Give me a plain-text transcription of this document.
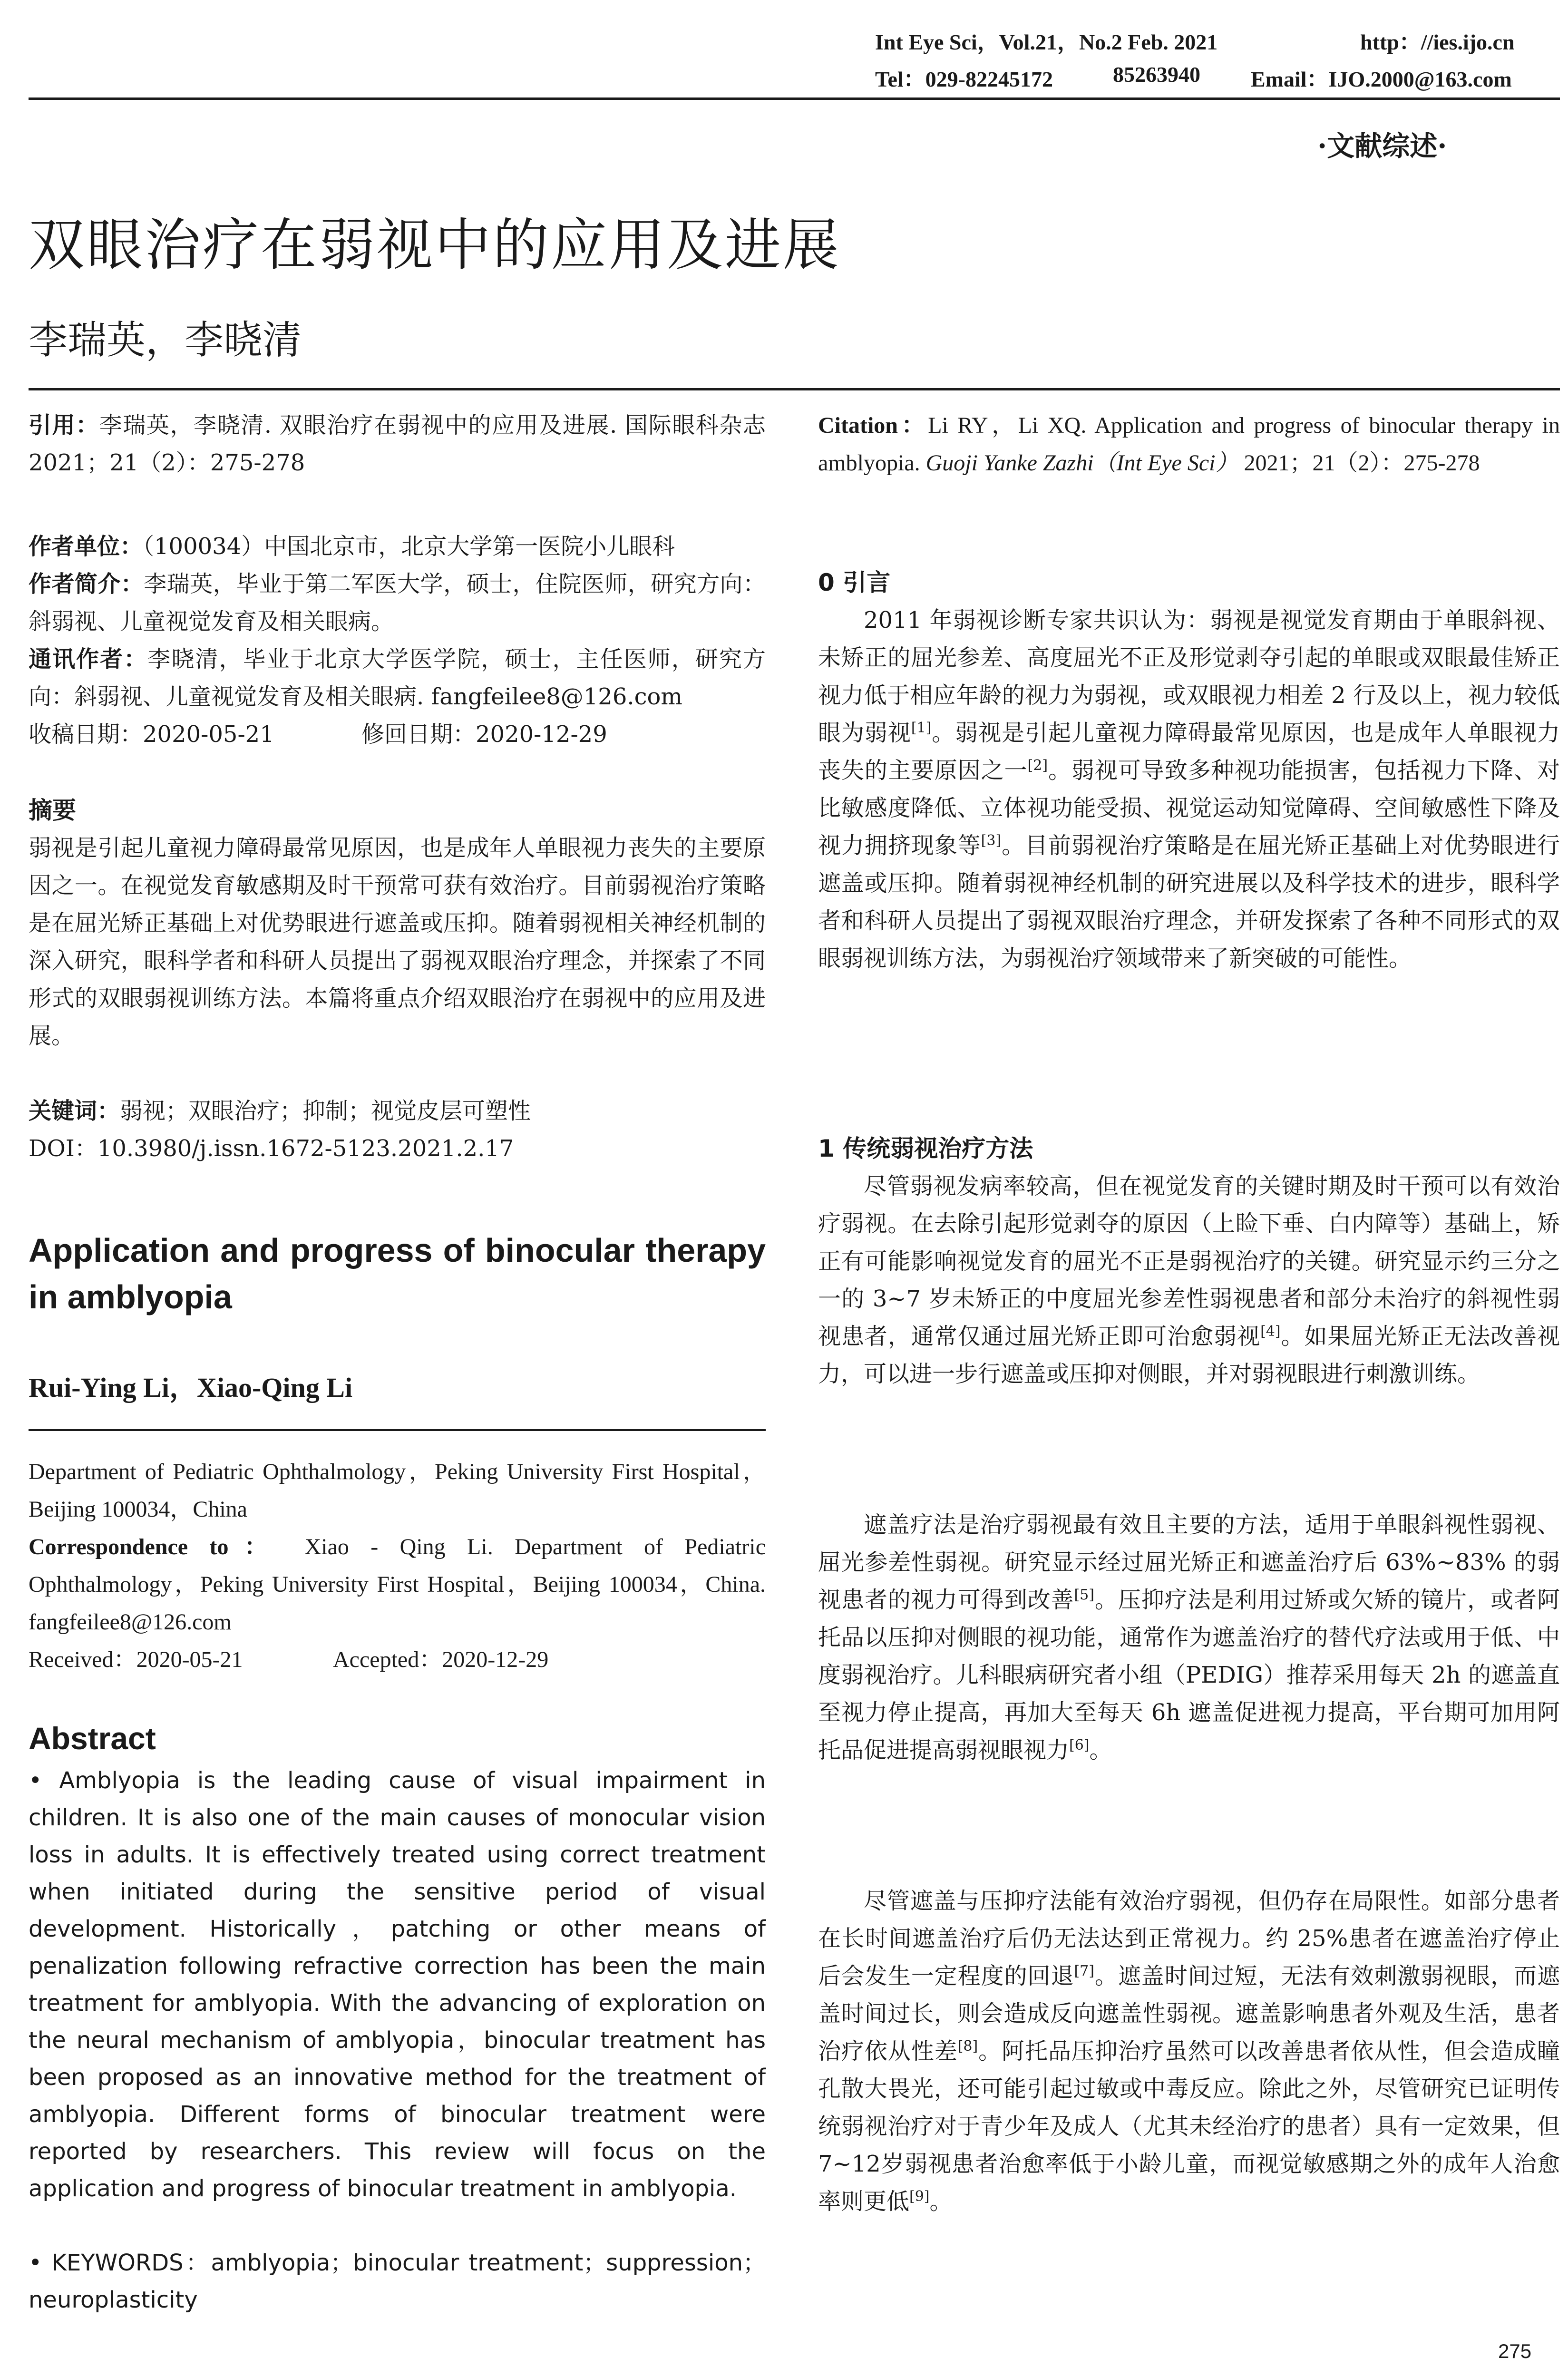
Int Eye Sci，Vol.21，No.2 Feb. 2021	http：//ies.ijo.cn
Tel：029-82245172	85263940 Email：IJO.2000@163.com
·文献综述·
双眼治疗在弱视中的应用及进展
李瑞英，李晓清

引用：李瑞英，李晓清. 双眼治疗在弱视中的应用及进展. 国际眼科杂志 2021；21（2）：275-278

作者单位：（100034）中国北京市，北京大学第一医院小儿眼科

作者简介：李瑞英，毕业于第二军医大学，硕士，住院医师，研究方向：斜弱视、儿童视觉发育及相关眼病。

通讯作者：李晓清，毕业于北京大学医学院，硕士，主任医师，研究方向：斜弱视、儿童视觉发育及相关眼病. fangfeilee8@126.com

收稿日期：2020-05-21	修回日期：2020-12-29
摘要

弱视是引起儿童视力障碍最常见原因，也是成年人单眼视力丧失的主要原因之一。在视觉发育敏感期及时干预常可获有效治疗。目前弱视治疗策略是在屈光矫正基础上对优势眼进行遮盖或压抑。随着弱视相关神经机制的深入研究，眼科学者和科研人员提出了弱视双眼治疗理念，并探索了不同形式的双眼弱视训练方法。本篇将重点介绍双眼治疗在弱视中的应用及进展。

关键词：弱视；双眼治疗；抑制；视觉皮层可塑性

DOI：10.3980/j.issn.1672-5123.2021.2.17
Application and progress of binocular therapy in amblyopia
Rui-Ying Li，Xiao-Qing Li

Department of Pediatric Ophthalmology，Peking University First Hospital，Beijing 100034，China

Correspondence to： Xiao - Qing Li. Department of Pediatric Ophthalmology，Peking University First Hospital，Beijing 100034，China. fangfeilee8@126.com

Received：2020-05-21	Accepted：2020-12-29
Abstract

• Amblyopia is the leading cause of visual impairment in children. It is also one of the main causes of monocular vision loss in adults. It is effectively treated using correct treatment when initiated during the sensitive period of visual development. Historically，patching or other means of penalization following refractive correction has been the main treatment for amblyopia. With the advancing of exploration on the neural mechanism of amblyopia，binocular treatment has been proposed as an innovative method for the treatment of amblyopia. Different forms of binocular treatment were reported by researchers. This review will focus on the application and progress of binocular treatment in amblyopia.

• KEYWORDS：amblyopia；binocular treatment；suppression；neuroplasticity

Citation：Li RY，Li XQ. Application and progress of binocular therapy in amblyopia. Guoji Yanke Zazhi（Int Eye Sci） 2021；21（2）：275-278

0 引言

2011 年弱视诊断专家共识认为：弱视是视觉发育期由于单眼斜视、未矫正的屈光参差、高度屈光不正及形觉剥夺引起的单眼或双眼最佳矫正视力低于相应年龄的视力为弱视，或双眼视力相差 2 行及以上，视力较低眼为弱视[1]。弱视是引起儿童视力障碍最常见原因，也是成年人单眼视力丧失的主要原因之一[2]。弱视可导致多种视功能损害，包括视力下降、对比敏感度降低、立体视功能受损、视觉运动知觉障碍、空间敏感性下降及视力拥挤现象等[3]。目前弱视治疗策略是在屈光矫正基础上对优势眼进行遮盖或压抑。随着弱视神经机制的研究进展以及科学技术的进步，眼科学者和科研人员提出了弱视双眼治疗理念，并研发探索了各种不同形式的双眼弱视训练方法，为弱视治疗领域带来了新突破的可能性。

1 传统弱视治疗方法

尽管弱视发病率较高，但在视觉发育的关键时期及时干预可以有效治疗弱视。在去除引起形觉剥夺的原因（上睑下垂、白内障等）基础上，矫正有可能影响视觉发育的屈光不正是弱视治疗的关键。研究显示约三分之一的 3~7 岁未矫正的中度屈光参差性弱视患者和部分未治疗的斜视性弱视患者，通常仅通过屈光矫正即可治愈弱视[4]。如果屈光矫正无法改善视力，可以进一步行遮盖或压抑对侧眼，并对弱视眼进行刺激训练。

遮盖疗法是治疗弱视最有效且主要的方法，适用于单眼斜视性弱视、屈光参差性弱视。研究显示经过屈光矫正和遮盖治疗后 63%~83% 的弱视患者的视力可得到改善[5]。压抑疗法是利用过矫或欠矫的镜片，或者阿托品以压抑对侧眼的视功能，通常作为遮盖治疗的替代疗法或用于低、中度弱视治疗。儿科眼病研究者小组（PEDIG）推荐采用每天 2h 的遮盖直至视力停止提高，再加大至每天 6h 遮盖促进视力提高，平台期可加用阿托品促进提高弱视眼视力[6]。

尽管遮盖与压抑疗法能有效治疗弱视，但仍存在局限性。如部分患者在长时间遮盖治疗后仍无法达到正常视力。约 25%患者在遮盖治疗停止后会发生一定程度的回退[7]。遮盖时间过短，无法有效刺激弱视眼，而遮盖时间过长，则会造成反向遮盖性弱视。遮盖影响患者外观及生活，患者治疗依从性差[8]。阿托品压抑治疗虽然可以改善患者依从性，但会造成瞳孔散大畏光，还可能引起过敏或中毒反应。除此之外，尽管研究已证明传统弱视治疗对于青少年及成人（尤其未经治疗的患者）具有一定效果，但 7~12岁弱视患者治愈率低于小龄儿童，而视觉敏感期之外的成年人治愈率则更低[9]。

275
